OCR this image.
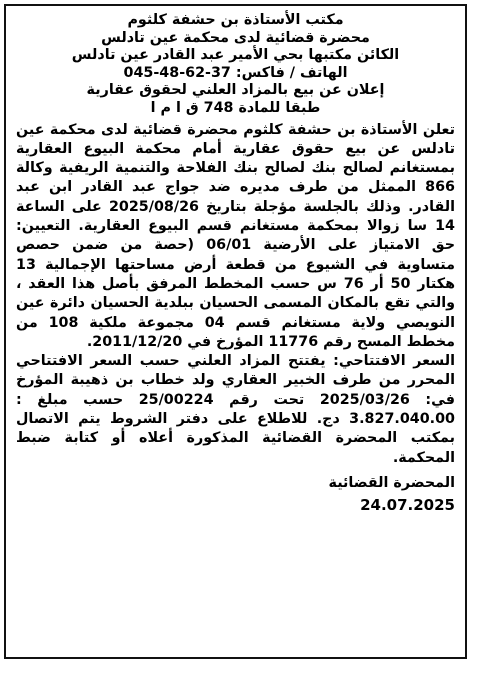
مكتب الأستاذة بن حشفة كلثوم
محضرة قضائية لدى محكمة عين تادلس
الكائن مكتبها بحي الأمير عبد القادر عين تادلس
الهاتف / فاكس: 37-62-48-045
إعلان عن بيع بالمزاد العلني لحقوق عقارية
طبقا للمادة 748 ق ا م ا

تعلن الأستاذة بن حشفة كلثوم محضرة قضائية لدى محكمة عين تادلس عن بيع حقوق عقارية أمام محكمة البيوع العقارية بمستغانم لصالح بنك لصالح بنك الفلاحة والتنمية الريفية وكالة 866 الممثل من طرف مديره ضد جواج عبد القادر ابن عبد القادر. وذلك بالجلسة مؤجلة بتاريخ 2025/08/26 على الساعة 14 سا زوالا بمحكمة مستغانم قسم البيوع العقارية. التعيين: حق الامتياز على الأرضية 06/01 (حصة من ضمن حصص متساوية في الشيوع من قطعة أرض مساحتها الإجمالية 13 هكتار 50 أر 76 س حسب المخطط المرفق بأصل هذا العقد ، والتي تقع بالمكان المسمى الحسيان ببلدية الحسيان دائرة عين النويصي ولاية مستغانم قسم 04 مجموعة ملكية 108 من مخطط المسح رقم 11776 المؤرخ في 2011/12/20.

السعر الافتتاحي: يفتتح المزاد العلني حسب السعر الافتتاحي المحرر من طرف الخبير العقاري ولد خطاب بن ذهيبة المؤرخ في: 2025/03/26 تحت رقم 25/00224 حسب مبلغ : 3.827.040.00 دج. للاطلاع على دفتر الشروط يتم الاتصال بمكتب المحضرة القضائية المذكورة أعلاه أو كتابة ضبط المحكمة.

المحضرة القضائية
24.07.2025
